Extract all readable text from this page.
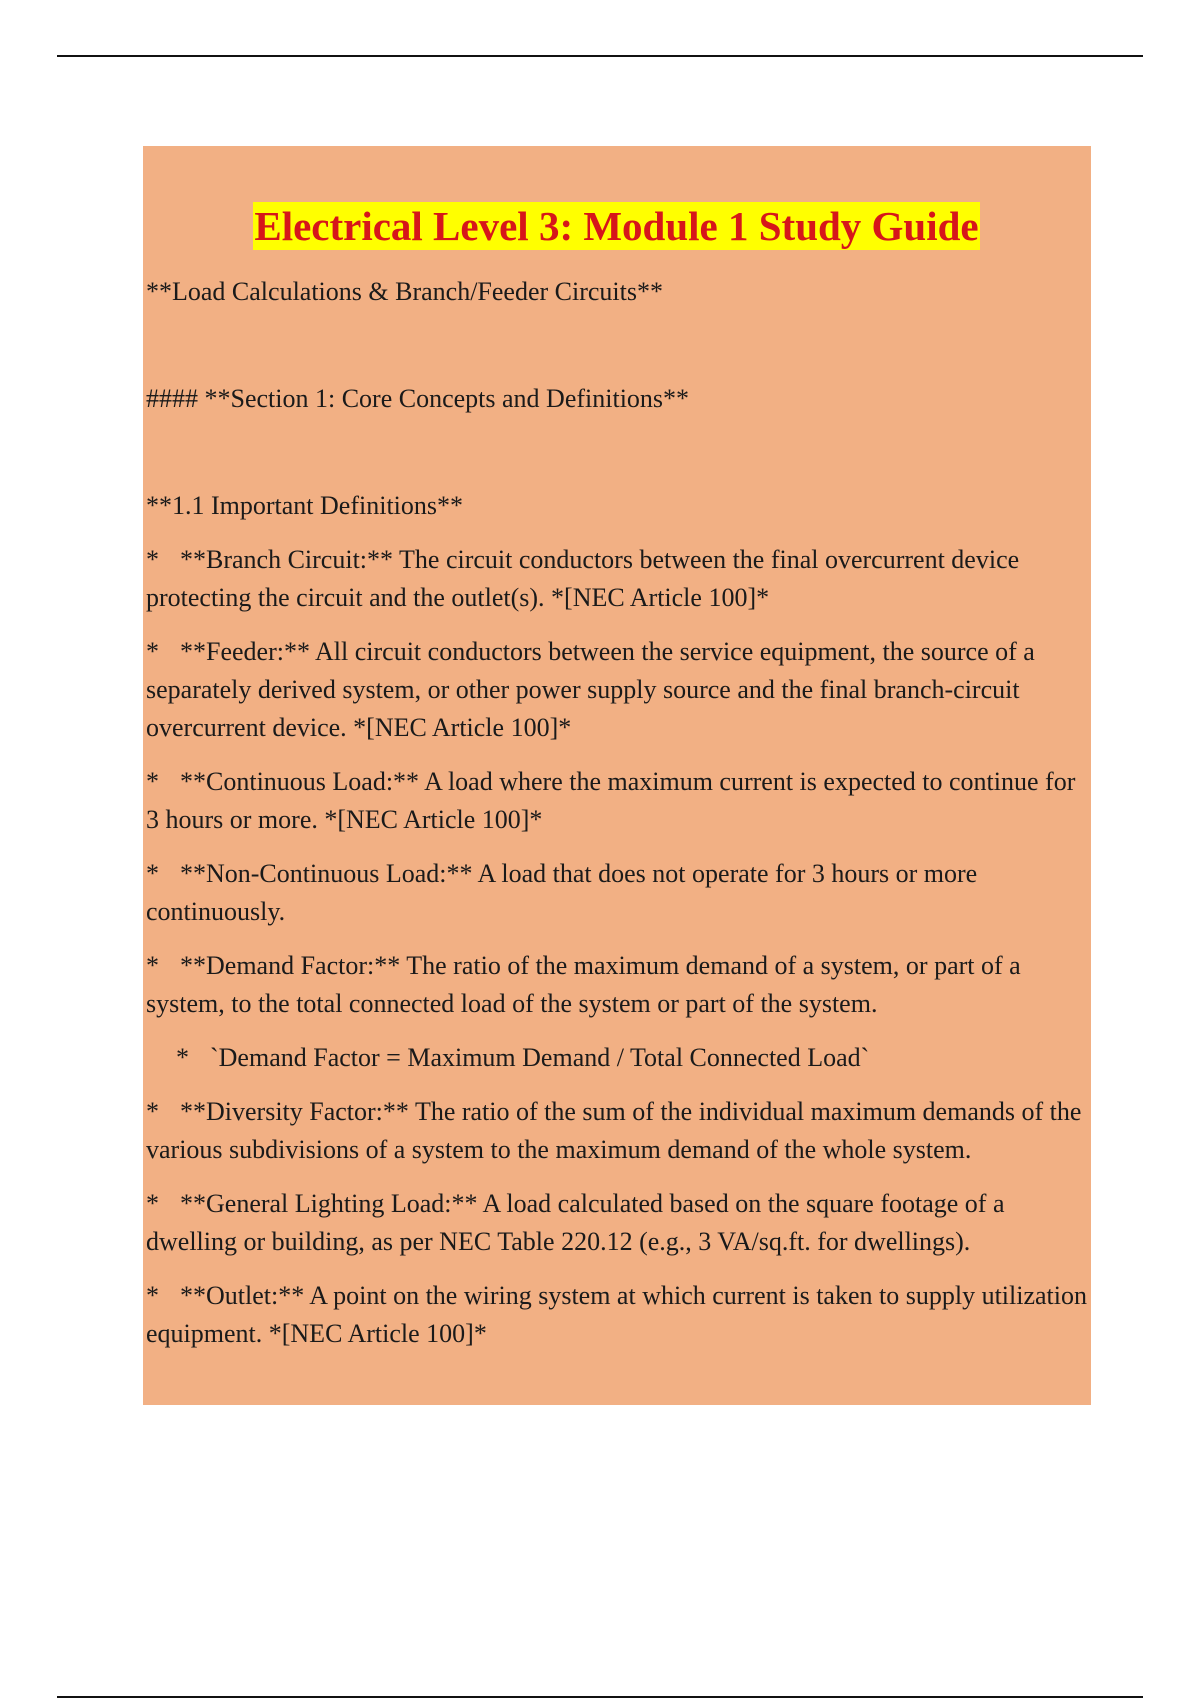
Electrical Level 3: Module 1 Study Guide

**Load Calculations & Branch/Feeder Circuits**

#### **Section 1: Core Concepts and Definitions**

**1.1 Important Definitions**

* **Branch Circuit:** The circuit conductors between the final overcurrent device protecting the circuit and the outlet(s). *[NEC Article 100]*

* **Feeder:** All circuit conductors between the service equipment, the source of a separately derived system, or other power supply source and the final branch-circuit overcurrent device. *[NEC Article 100]*

* **Continuous Load:** A load where the maximum current is expected to continue for 3 hours or more. *[NEC Article 100]*

* **Non-Continuous Load:** A load that does not operate for 3 hours or more continuously.

* **Demand Factor:** The ratio of the maximum demand of a system, or part of a system, to the total connected load of the system or part of the system.

* `Demand Factor = Maximum Demand / Total Connected Load`

* **Diversity Factor:** The ratio of the sum of the individual maximum demands of the various subdivisions of a system to the maximum demand of the whole system.

* **General Lighting Load:** A load calculated based on the square footage of a dwelling or building, as per NEC Table 220.12 (e.g., 3 VA/sq.ft. for dwellings).

* **Outlet:** A point on the wiring system at which current is taken to supply utilization equipment. *[NEC Article 100]*
